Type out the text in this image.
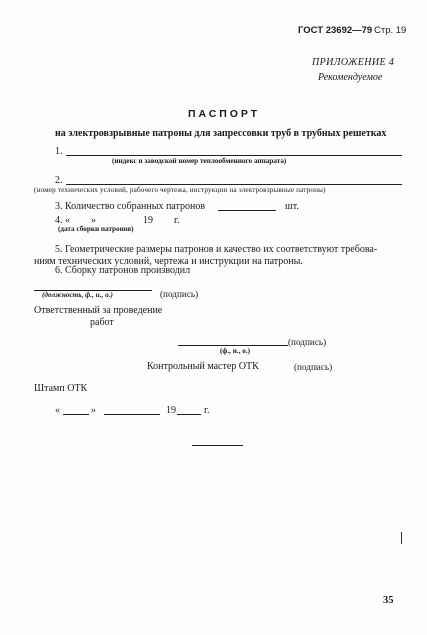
ГОСТ 23692—79 Стр. 19
ПРИЛОЖЕНИЕ 4
Рекомендуемое
ПАСПОРТ
на электровзрывные патроны для запрессовки труб в трубных решетках
1.
(индекс и заводской номер теплообменного аппарата)
2.
(номер технических условий, рабочего чертежа, инструкции на электровзрывные патроны)
3. Количество собранных патронов	шт.
4. « »	19 г.
(дата сборки патронов)
5. Геометрические размеры патронов и качество их соответствуют требова-
ниям технических условий, чертежа и инструкции на патроны.
6. Сборку патронов производил
(должность, ф., и., о.)	(подпись)
Ответственный за проведение
работ
(подпись)
(ф., и., о.)
Контрольный мастер ОТК	(подпись)
Штамп ОТК
«	»	19	г.
35
